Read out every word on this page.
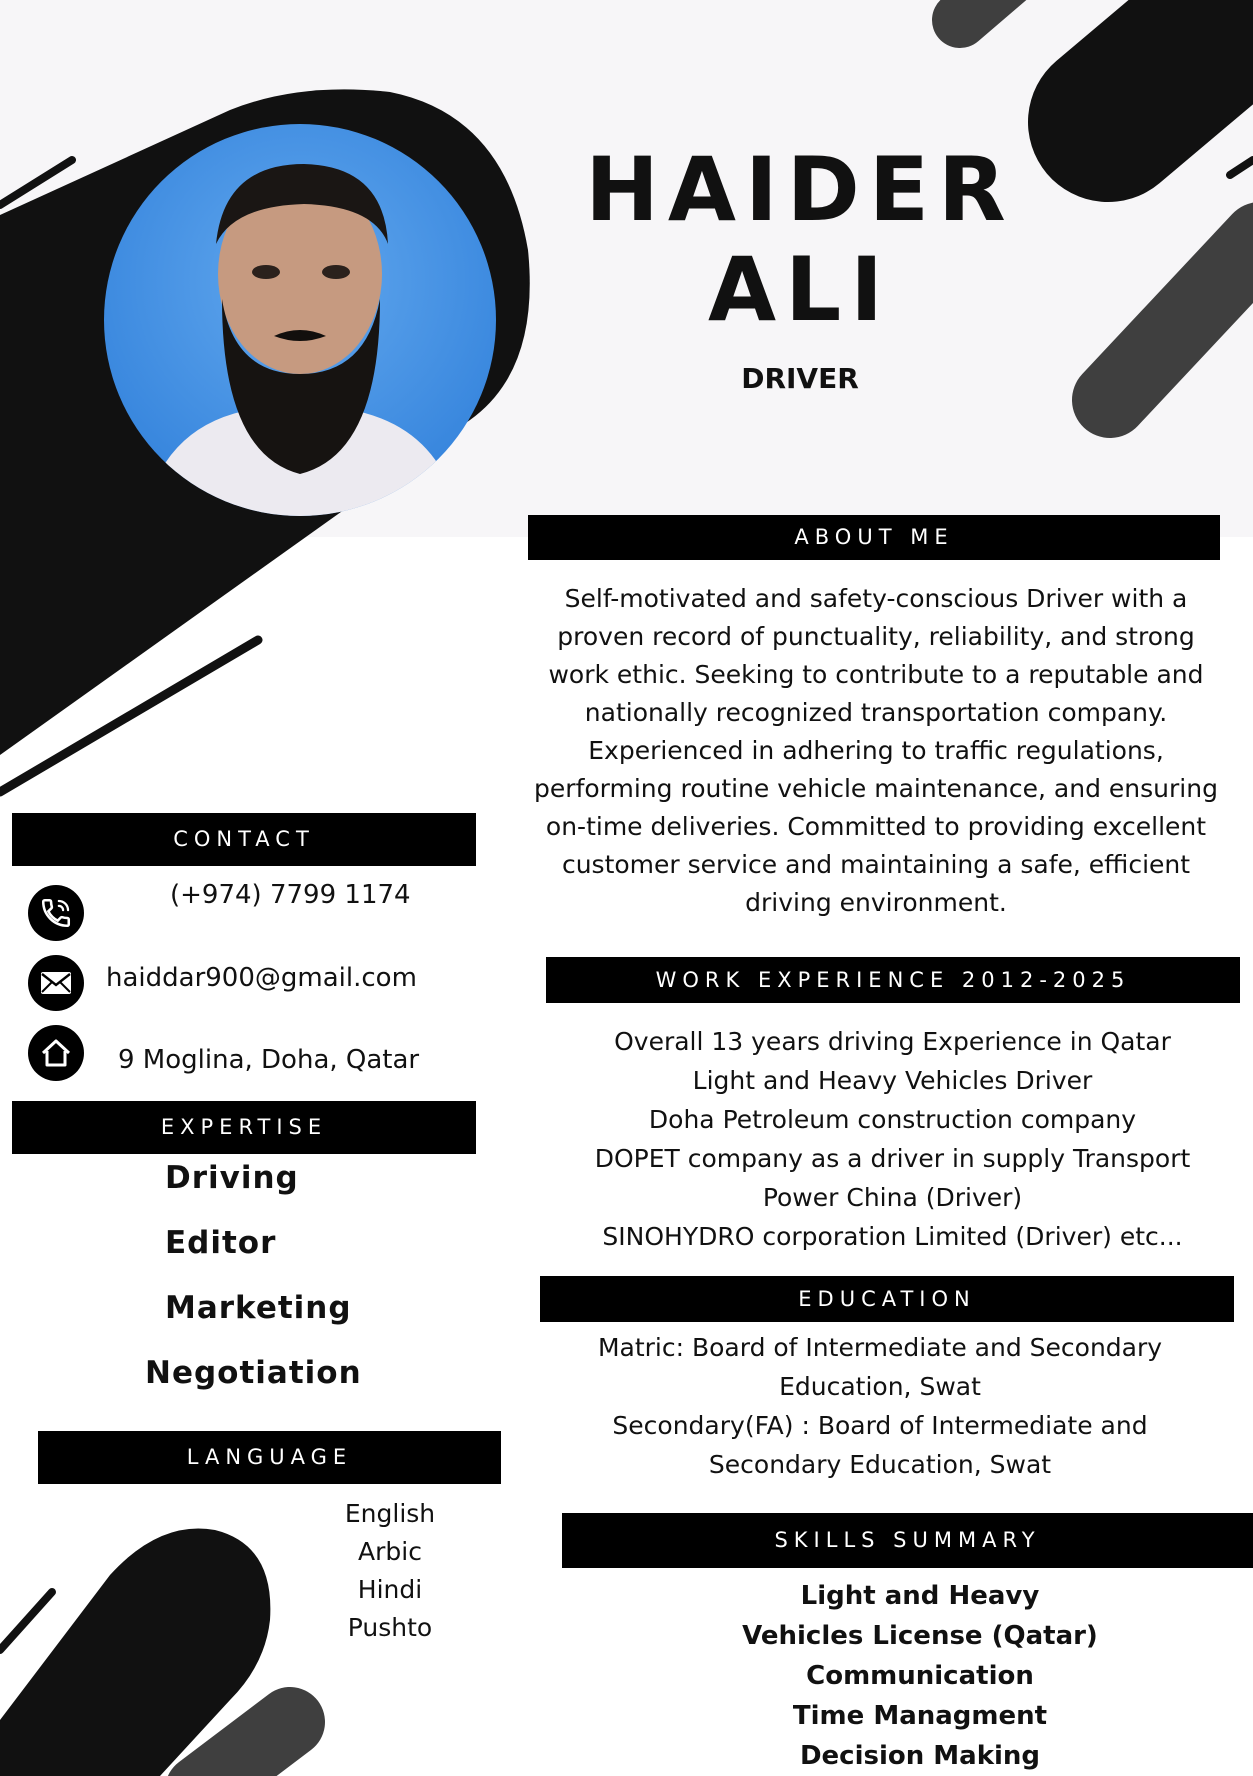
HAIDER
ALI
DRIVER
ABOUT ME
Self-motivated and safety-conscious Driver with a
proven record of punctuality, reliability, and strong
work ethic. Seeking to contribute to a reputable and
nationally recognized transportation company.
Experienced in adhering to traffic regulations,
performing routine vehicle maintenance, and ensuring
on-time deliveries. Committed to providing excellent
customer service and maintaining a safe, efficient
driving environment.
WORK EXPERIENCE 2012-2025
Overall 13 years driving Experience in Qatar
Light and Heavy Vehicles Driver
Doha Petroleum construction company
DOPET company as a driver in supply Transport
Power China (Driver)
SINOHYDRO corporation Limited (Driver) etc...
EDUCATION
Matric: Board of Intermediate and Secondary
Education, Swat
Secondary(FA) : Board of Intermediate and
Secondary Education, Swat
SKILLS SUMMARY
Light and Heavy
Vehicles License (Qatar)
Communication
Time Managment
Decision Making
CONTACT
(+974) 7799 1174
haiddar900@gmail.com
9 Moglina, Doha, Qatar
EXPERTISE
Driving
Editor
Marketing
Negotiation
LANGUAGE
English
Arbic
Hindi
Pushto
